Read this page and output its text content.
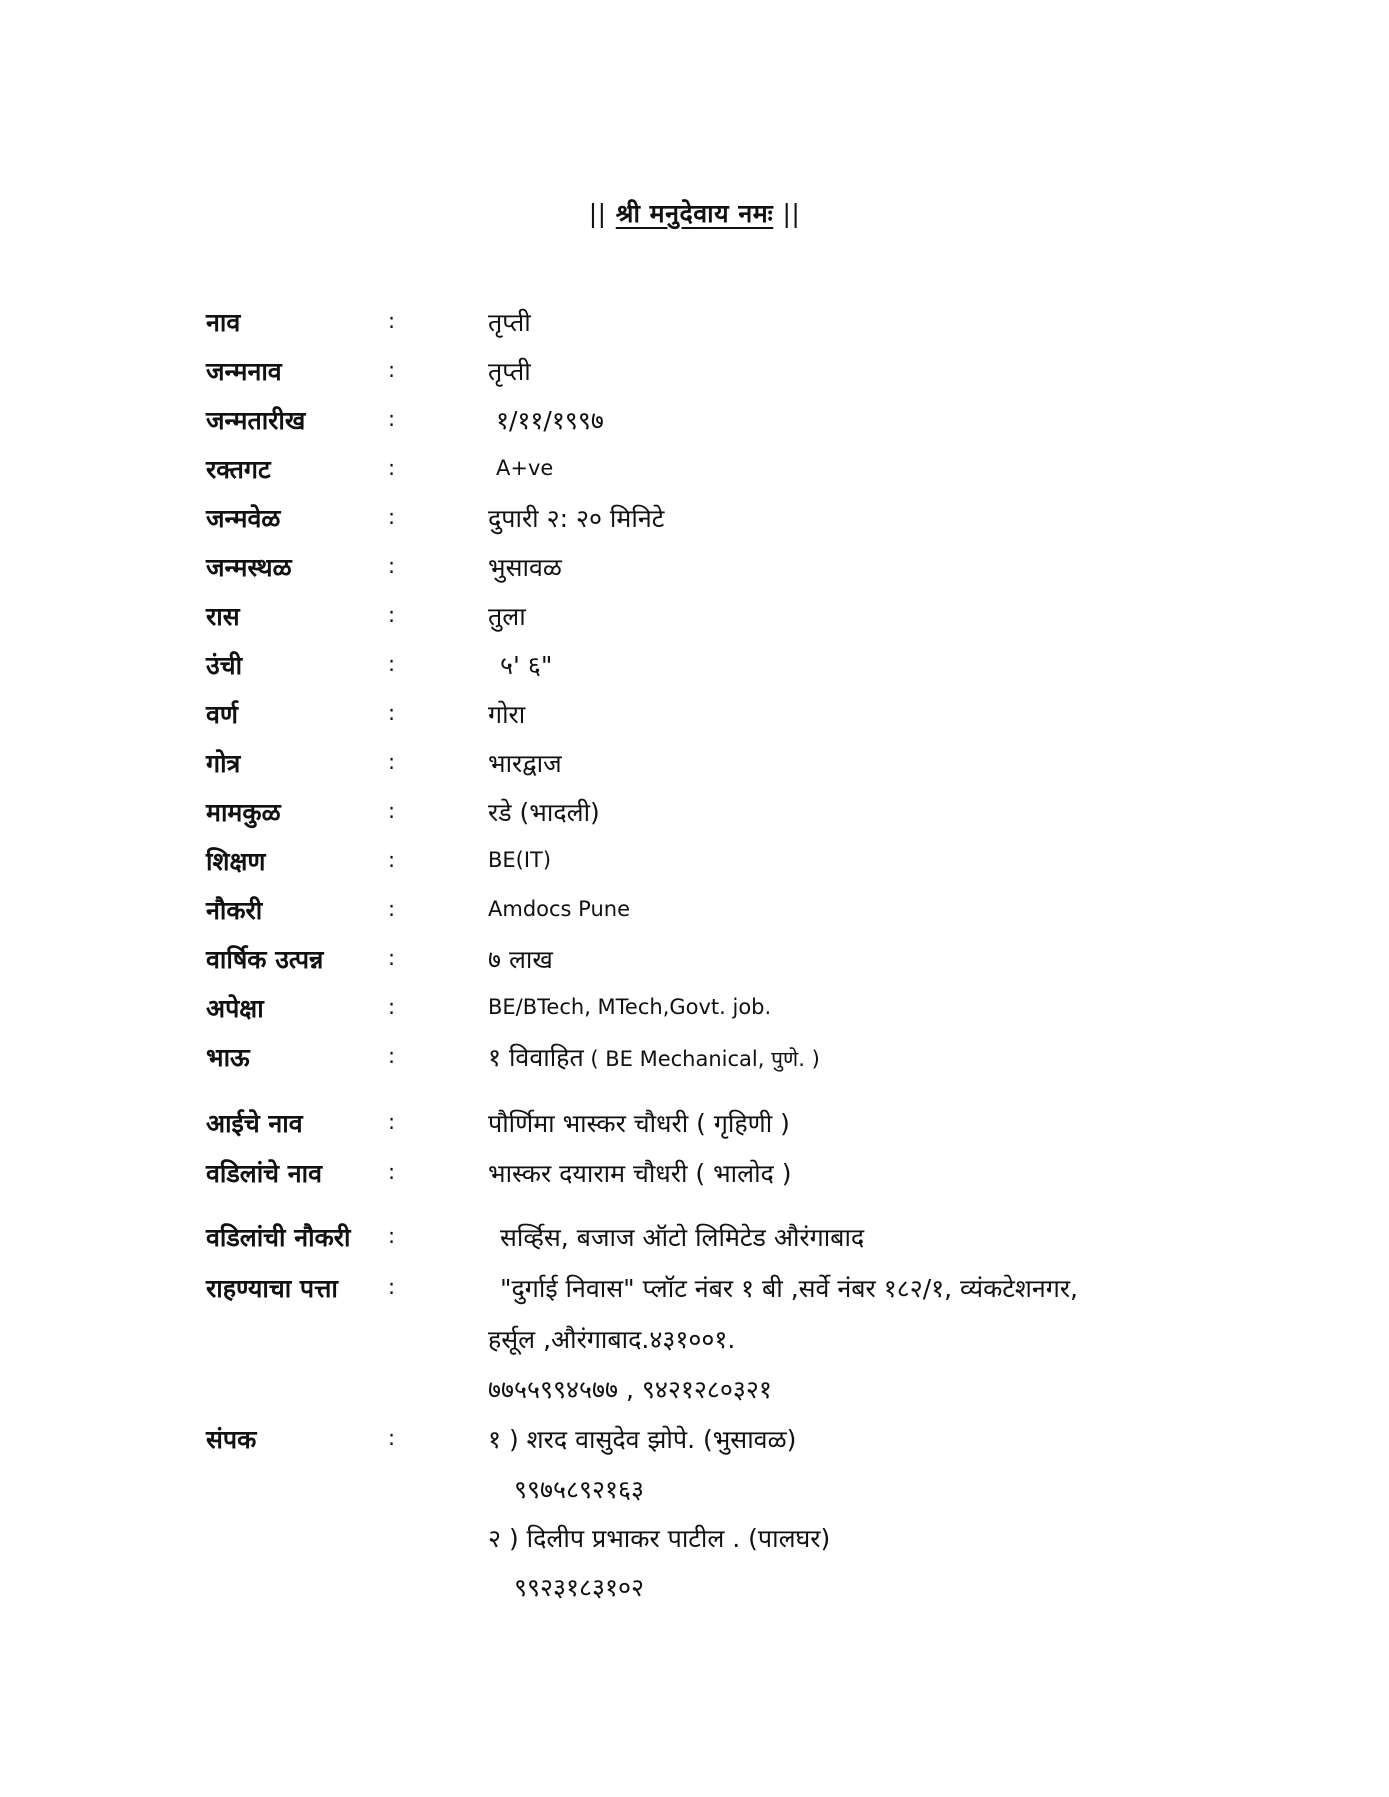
|| श्री मनुदेवाय नमः ||
नाव	:	तृप्ती
जन्मनाव	:	तृप्ती
जन्मतारीख	:	१/११/१९९७
रक्तगट	:	A+ve
जन्मवेळ	:	दुपारी २: २० मिनिटे
जन्मस्थळ	:	भुसावळ
रास	:	तुला
उंची	:	५' ६"
वर्ण	:	गोरा
गोत्र	:	भारद्वाज
मामकुळ	:	रडे (भादली)
शिक्षण	:	BE(IT)
नौकरी	:	Amdocs Pune
वार्षिक उत्पन्न	:	७ लाख
अपेक्षा	:	BE/BTech, MTech,Govt. job.
भाऊ	:	१ विवाहित ( BE Mechanical, पुणे. )
आईचे नाव	:	पौर्णिमा भास्कर चौधरी ( गृहिणी )
वडिलांचे नाव	:	भास्कर दयाराम चौधरी ( भालोद )
वडिलांची नौकरी :	सर्व्हिस, बजाज ऑटो लिमिटेड औरंगाबाद
राहण्याचा पत्ता :	"दुर्गाई निवास" प्लॉट नंबर १ बी ,सर्वे नंबर १८२/१, व्यंकटेशनगर,
हर्सूल ,औरंगाबाद.४३१००१.
७७५५९९४५७७ , ९४२१२८०३२१
संपक	:	१ ) शरद वासुदेव झोपे. (भुसावळ)
९९७५८९२१६३
२ ) दिलीप प्रभाकर पाटील . (पालघर)
९९२३१८३१०२
